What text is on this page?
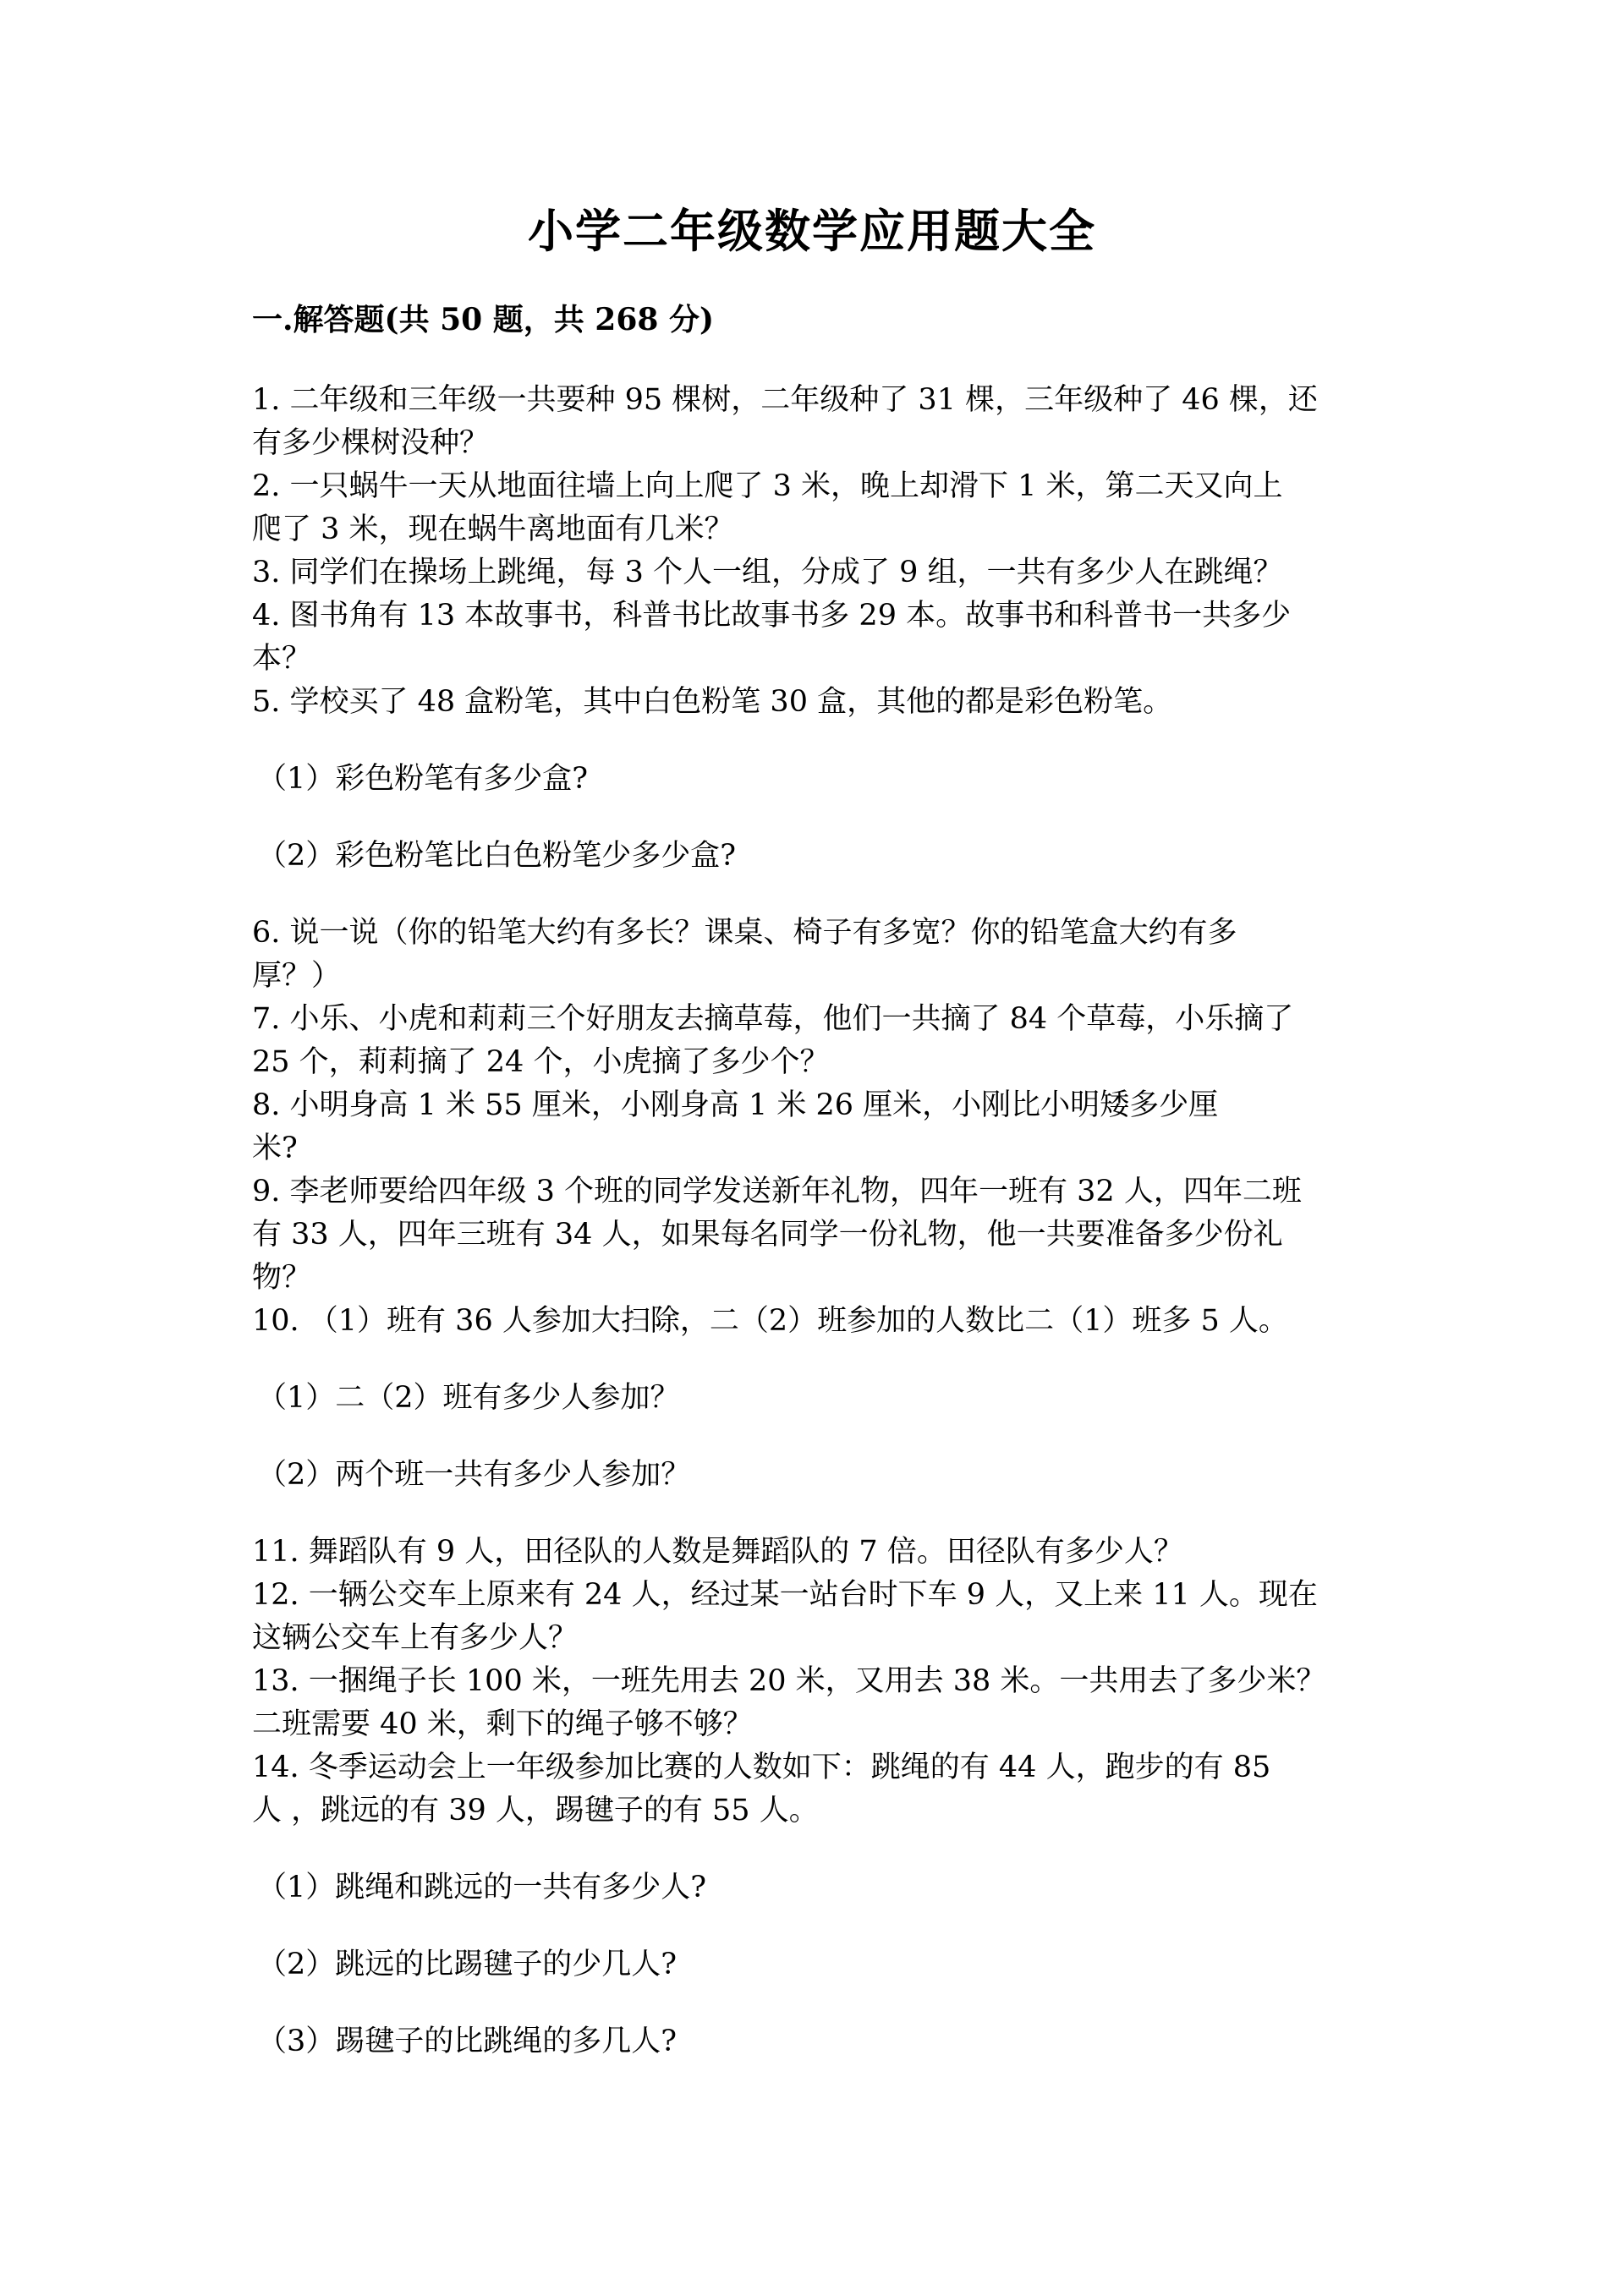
小学二年级数学应用题大全
一.解答题(共 50 题，共 268 分)

1. 二年级和三年级一共要种 95 棵树，二年级种了 31 棵，三年级种了 46 棵，还
有多少棵树没种？

2. 一只蜗牛一天从地面往墙上向上爬了 3 米，晚上却滑下 1 米，第二天又向上
爬了 3 米，现在蜗牛离地面有几米？

3. 同学们在操场上跳绳，每 3 个人一组，分成了 9 组，一共有多少人在跳绳？

4. 图书角有 13 本故事书，科普书比故事书多 29 本。故事书和科普书一共多少
本？

5. 学校买了 48 盒粉笔，其中白色粉笔 30 盒，其他的都是彩色粉笔。

（1）彩色粉笔有多少盒?

（2）彩色粉笔比白色粉笔少多少盒?

6. 说一说（你的铅笔大约有多长？课桌、椅子有多宽？你的铅笔盒大约有多
厚？）

7. 小乐、小虎和莉莉三个好朋友去摘草莓，他们一共摘了 84 个草莓，小乐摘了
25 个，莉莉摘了 24 个，小虎摘了多少个？

8. 小明身高 1 米 55 厘米，小刚身高 1 米 26 厘米，小刚比小明矮多少厘
米?

9. 李老师要给四年级 3 个班的同学发送新年礼物，四年一班有 32 人，四年二班
有 33 人，四年三班有 34 人，如果每名同学一份礼物，他一共要准备多少份礼
物？

10. （1）班有 36 人参加大扫除，二（2）班参加的人数比二（1）班多 5 人。

（1）二（2）班有多少人参加？

（2）两个班一共有多少人参加？

11. 舞蹈队有 9 人，田径队的人数是舞蹈队的 7 倍。田径队有多少人？

12. 一辆公交车上原来有 24 人，经过某一站台时下车 9 人，又上来 11 人。现在
这辆公交车上有多少人？

13. 一捆绳子长 100 米，一班先用去 20 米，又用去 38 米。一共用去了多少米？
二班需要 40 米，剩下的绳子够不够？

14. 冬季运动会上一年级参加比赛的人数如下：跳绳的有 44 人，跑步的有 85
人 ，跳远的有 39 人，踢毽子的有 55 人。

（1）跳绳和跳远的一共有多少人?

（2）跳远的比踢毽子的少几人?

（3）踢毽子的比跳绳的多几人?
